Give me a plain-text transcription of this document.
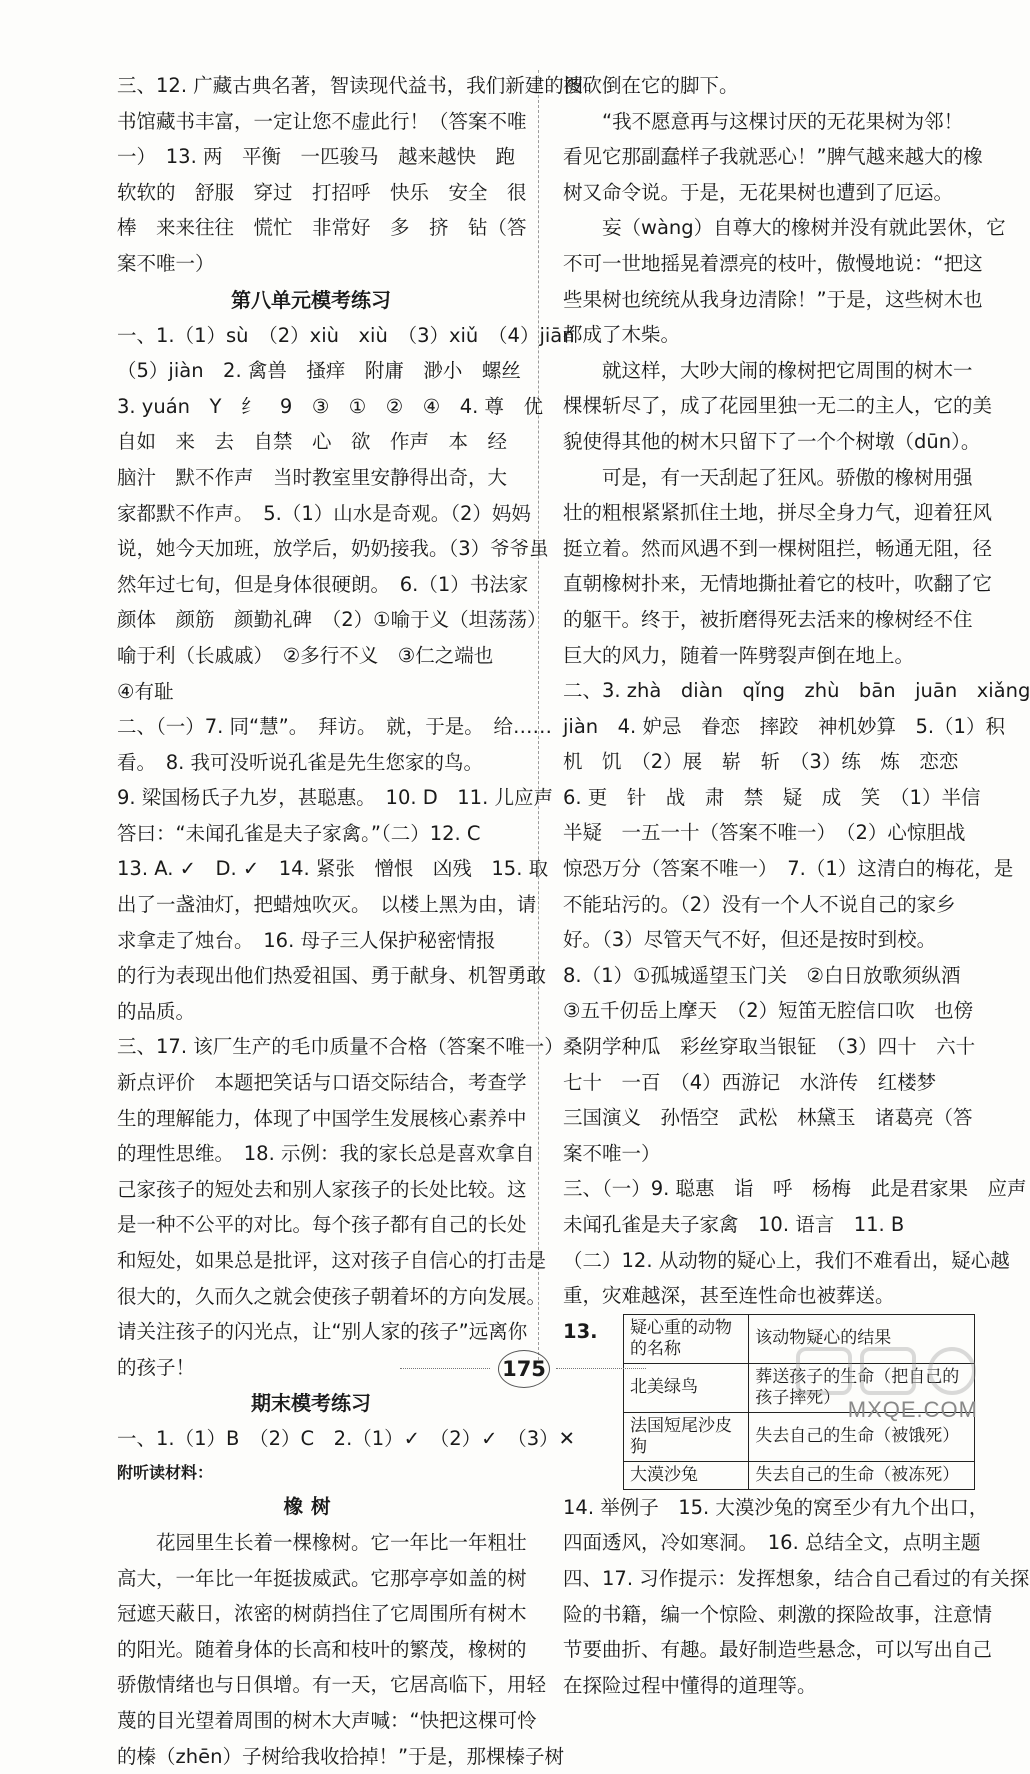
三、12. 广藏古典名著，智读现代益书，我们新建的图
书馆藏书丰富，一定让您不虚此行！（答案不唯
一）　13. 两　平衡　一匹骏马　越来越快　跑
软软的　舒服　穿过　打招呼　快乐　安全　很
棒　来来往往　慌忙　非常好　多　挤　钻（答
案不唯一）
第八单元模考练习
一、1.（1）sù　（2）xiù　xiù　（3）xiǔ　（4）jiān
（5）jiàn　2. 禽兽　搔痒　附庸　渺小　螺丝
3. yuán　Y　纟　9　③　①　②　④　4. 尊　优
自如　来　去　自禁　心　欲　作声　本　经
脑汁　默不作声　当时教室里安静得出奇，大
家都默不作声。　5.（1）山水是奇观。（2）妈妈
说，她今天加班，放学后，奶奶接我。（3）爷爷虽
然年过七旬，但是身体很硬朗。　6.（1）书法家
颜体　颜筋　颜勤礼碑　（2）①喻于义（坦荡荡）
喻于利（长戚戚）　②多行不义　③仁之端也
④有耻
二、（一）7. 同“慧”。　拜访。　就，于是。　给……
看。　8. 我可没听说孔雀是先生您家的鸟。
9. 梁国杨氏子九岁，甚聪惠。　10. D　11. 儿应声
答曰：“未闻孔雀是夫子家禽。”（二）12. C
13. A. ✓　D. ✓　14. 紧张　憎恨　凶残　15. 取
出了一盏油灯，把蜡烛吹灭。　以楼上黑为由，请
求拿走了烛台。　16. 母子三人保护秘密情报
的行为表现出他们热爱祖国、勇于献身、机智勇敢
的品质。
三、17. 该厂生产的毛巾质量不合格（答案不唯一）
新点评价　本题把笑话与口语交际结合，考查学
生的理解能力，体现了中国学生发展核心素养中
的理性思维。　18. 示例：我的家长总是喜欢拿自
己家孩子的短处去和别人家孩子的长处比较。这
是一种不公平的对比。每个孩子都有自己的长处
和短处，如果总是批评，这对孩子自信心的打击是
很大的，久而久之就会使孩子朝着坏的方向发展。
请关注孩子的闪光点，让“别人家的孩子”远离你
的孩子！
期末模考练习
一、1.（1）B　（2）C　2.（1）✓　（2）✓　（3）✕
附听读材料：
橡树
　　花园里生长着一棵橡树。它一年比一年粗壮
高大，一年比一年挺拔威武。它那亭亭如盖的树
冠遮天蔽日，浓密的树荫挡住了它周围所有树木
的阳光。随着身体的长高和枝叶的繁茂，橡树的
骄傲情绪也与日俱增。有一天，它居高临下，用轻
蔑的目光望着周围的树木大声喊：“快把这棵可怜
的榛（zhēn）子树给我收拾掉！”于是，那棵榛子树
被砍倒在它的脚下。
　　“我不愿意再与这棵讨厌的无花果树为邻！
看见它那副蠢样子我就恶心！”脾气越来越大的橡
树又命令说。于是，无花果树也遭到了厄运。
　　妄（wàng）自尊大的橡树并没有就此罢休，它
不可一世地摇晃着漂亮的枝叶，傲慢地说：“把这
些果树也统统从我身边清除！”于是，这些树木也
都成了木柴。
　　就这样，大吵大闹的橡树把它周围的树木一
棵棵斩尽了，成了花园里独一无二的主人，它的美
貌使得其他的树木只留下了一个个树墩（dūn）。
　　可是，有一天刮起了狂风。骄傲的橡树用强
壮的粗根紧紧抓住土地，拼尽全身力气，迎着狂风
挺立着。然而风遇不到一棵树阻拦，畅通无阻，径
直朝橡树扑来，无情地撕扯着它的枝叶，吹翻了它
的躯干。终于，被折磨得死去活来的橡树经不住
巨大的风力，随着一阵劈裂声倒在地上。
二、3. zhà　diàn　qǐng　zhù　bān　juān　xiǎng
jiàn　4. 妒忌　眷恋　摔跤　神机妙算　5.（1）积
机　饥　（2）展　崭　斩　（3）练　炼　恋恋
6. 更　针　战　肃　禁　疑　成　笑　（1）半信
半疑　一五一十（答案不唯一）　（2）心惊胆战
惊恐万分（答案不唯一）　7.（1）这清白的梅花，是
不能玷污的。（2）没有一个人不说自己的家乡
好。（3）尽管天气不好，但还是按时到校。
8.（1）①孤城遥望玉门关　②白日放歌须纵酒
③五千仞岳上摩天　（2）短笛无腔信口吹　也傍
桑阴学种瓜　彩丝穿取当银钲　（3）四十　六十
七十　一百　（4）西游记　水浒传　红楼梦
三国演义　孙悟空　武松　林黛玉　诸葛亮（答
案不唯一）
三、（一）9. 聪惠　诣　呼　杨梅　此是君家果　应声
未闻孔雀是夫子家禽　10. 语言　11. B
（二）12. 从动物的疑心上，我们不难看出，疑心越
重，灾难越深，甚至连性命也被葬送。
13.	疑心重的动物的名称	该动物疑心的结果
北美绿鸟	葬送孩子的生命（把自己的孩子摔死）
法国短尾沙皮狗	失去自己的生命（被饿死）
大漠沙兔	失去自己的生命（被冻死）
14. 举例子　15. 大漠沙兔的窝至少有九个出口，
四面透风，冷如寒洞。　16. 总结全文，点明主题
四、17. 习作提示：发挥想象，结合自己看过的有关探
险的书籍，编一个惊险、刺激的探险故事，注意情
节要曲折、有趣。最好制造些悬念，可以写出自己
在探险过程中懂得的道理等。
175
MXQE.COM
